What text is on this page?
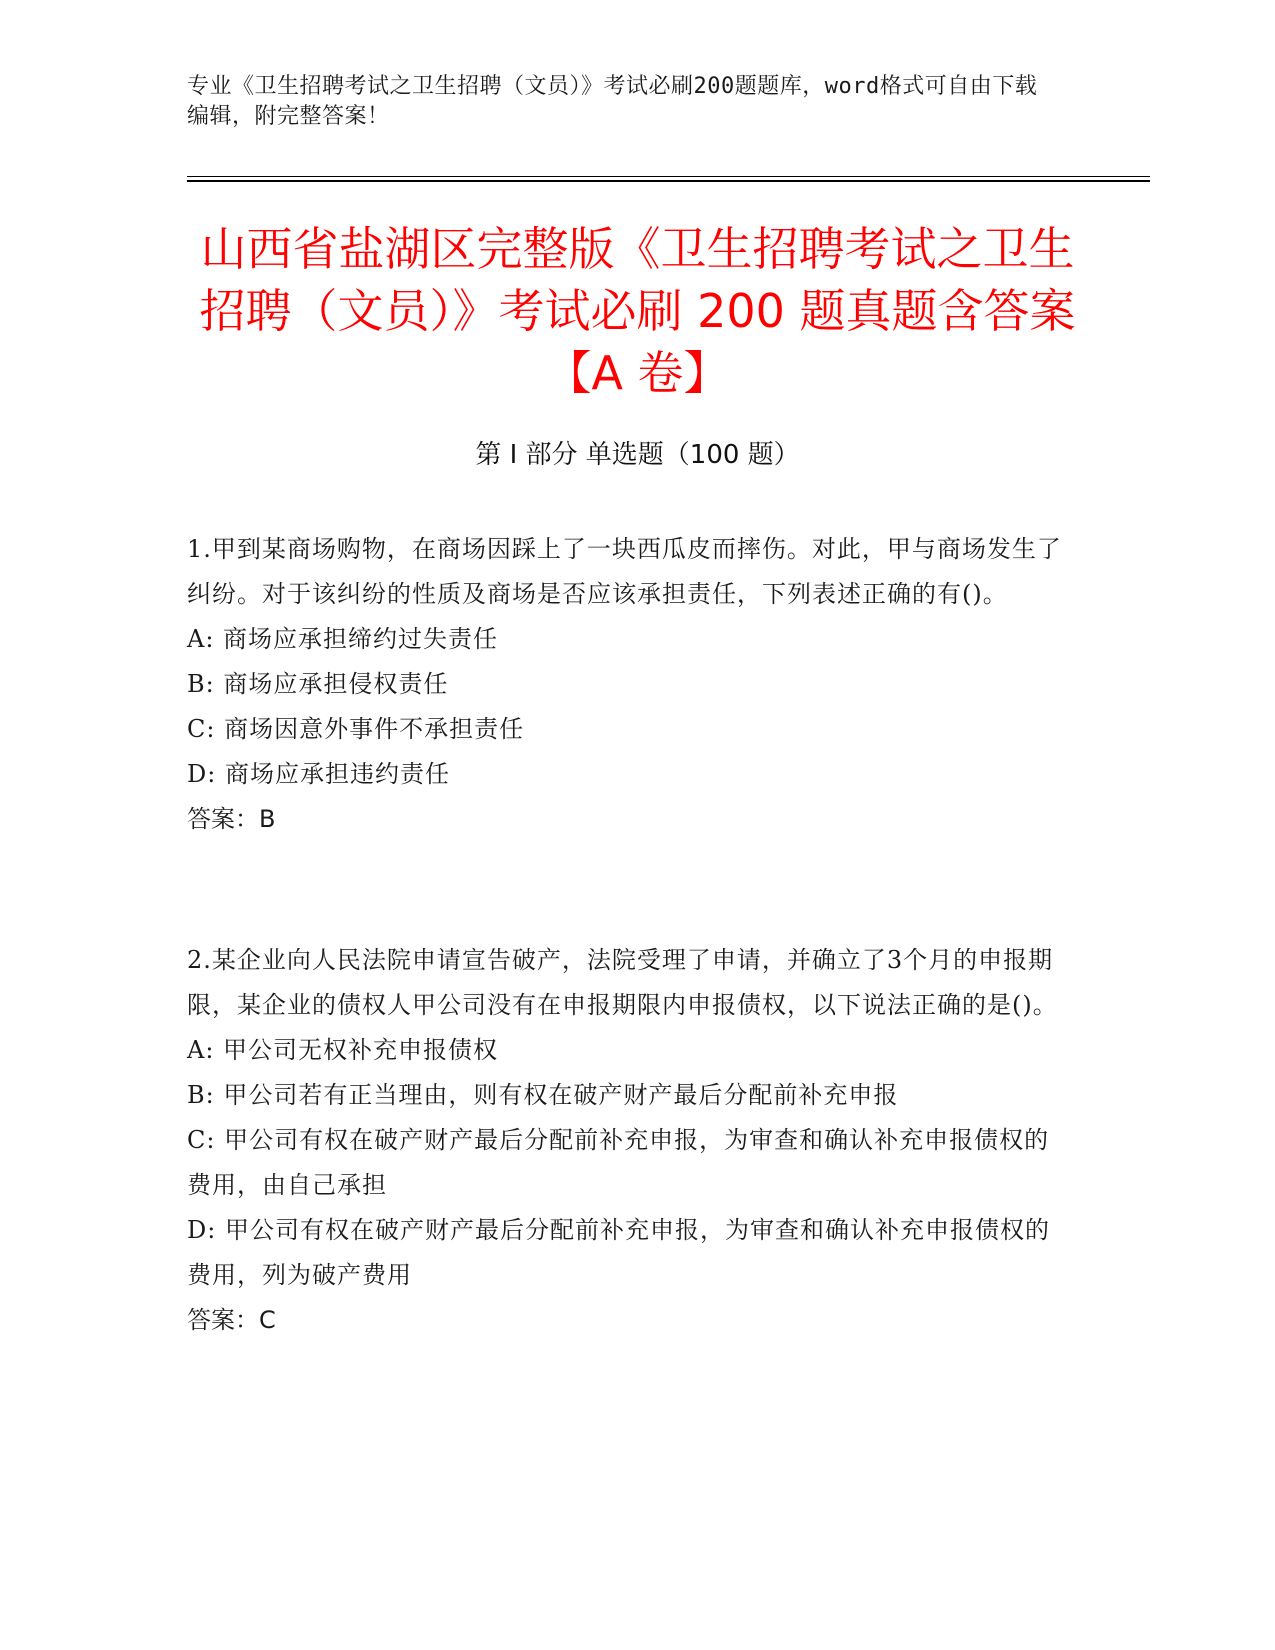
专业《卫生招聘考试之卫生招聘（文员）》考试必刷200题题库，word格式可自由下载编辑，附完整答案！
山西省盐湖区完整版《卫生招聘考试之卫生
招聘（文员）》考试必刷 200 题真题含答案
【A 卷】
第 I 部分 单选题（100 题）

1.甲到某商场购物，在商场因踩上了一块西瓜皮而摔伤。对此，甲与商场发生了纠纷。对于该纠纷的性质及商场是否应该承担责任，下列表述正确的有()。

A: 商场应承担缔约过失责任

B: 商场应承担侵权责任

C: 商场因意外事件不承担责任

D: 商场应承担违约责任

答案：B

2.某企业向人民法院申请宣告破产，法院受理了申请，并确立了3个月的申报期限，某企业的债权人甲公司没有在申报期限内申报债权，以下说法正确的是()。

A: 甲公司无权补充申报债权

B: 甲公司若有正当理由，则有权在破产财产最后分配前补充申报

C: 甲公司有权在破产财产最后分配前补充申报，为审查和确认补充申报债权的费用，由自己承担

D: 甲公司有权在破产财产最后分配前补充申报，为审查和确认补充申报债权的费用，列为破产费用

答案：C
